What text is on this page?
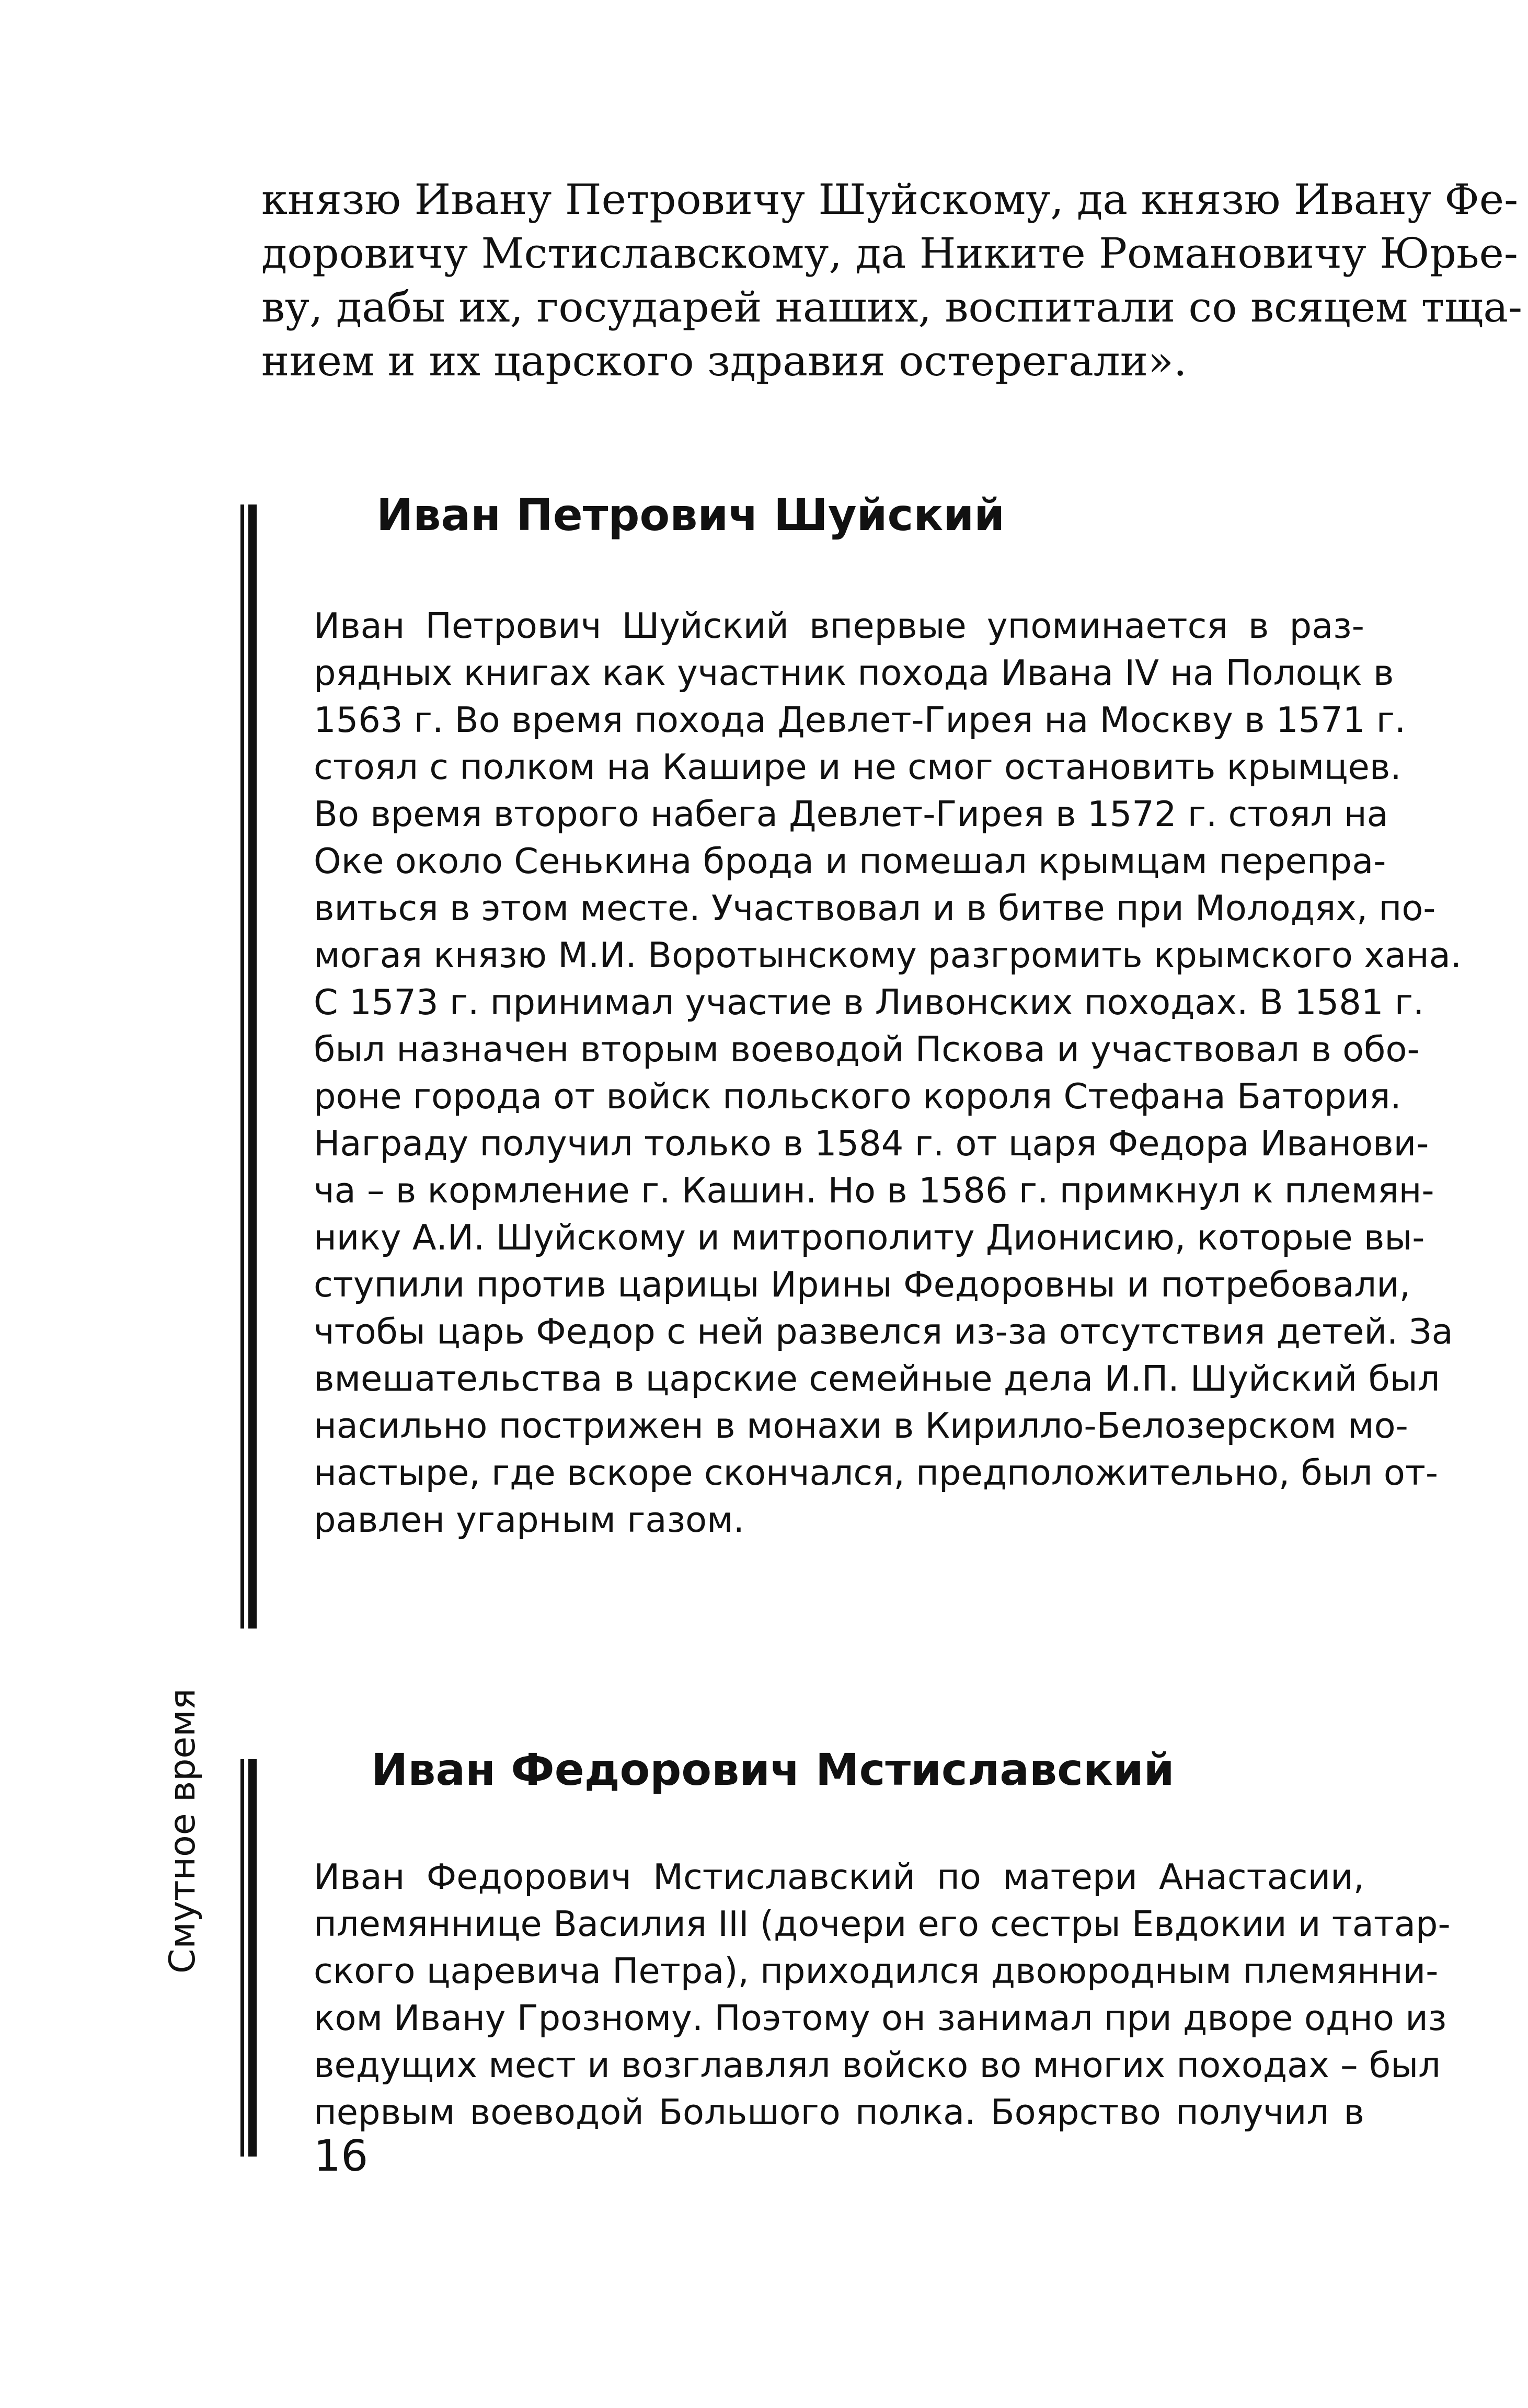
князю Ивану Петровичу Шуйскому, да князю Ивану Фе-
доровичу Мстиславскому, да Никите Романовичу Юрье-
ву, дабы их, государей наших, воспитали со всяцем тща-
нием и их царского здравия остерегали».
Иван Петрович Шуйский
Иван Петрович Шуйский впервые упоминается в раз-
рядных книгах как участник похода Ивана IV на Полоцк в
1563 г. Во время похода Девлет-Гирея на Москву в 1571 г.
стоял с полком на Кашире и не смог остановить крымцев.
Во время второго набега Девлет-Гирея в 1572 г. стоял на
Оке около Сенькина брода и помешал крымцам перепра-
виться в этом месте. Участвовал и в битве при Молодях, по-
могая князю М.И. Воротынскому разгромить крымского хана.
С 1573 г. принимал участие в Ливонских походах. В 1581 г.
был назначен вторым воеводой Пскова и участвовал в обо-
роне города от войск польского короля Стефана Батория.
Награду получил только в 1584 г. от царя Федора Иванови-
ча – в кормление г. Кашин. Но в 1586 г. примкнул к племян-
нику А.И. Шуйскому и митрополиту Дионисию, которые вы-
ступили против царицы Ирины Федоровны и потребовали,
чтобы царь Федор с ней развелся из-за отсутствия детей. За
вмешательства в царские семейные дела И.П. Шуйский был
насильно пострижен в монахи в Кирилло-Белозерском мо-
настыре, где вскоре скончался, предположительно, был от-
равлен угарным газом.
Иван Федорович Мстиславский
Иван Федорович Мстиславский по матери Анастасии,
племяннице Василия III (дочери его сестры Евдокии и татар-
ского царевича Петра), приходился двоюродным племянни-
ком Ивану Грозному. Поэтому он занимал при дворе одно из
ведущих мест и возглавлял войско во многих походах – был
первым воеводой Большого полка. Боярство получил в
Смутное время
16
